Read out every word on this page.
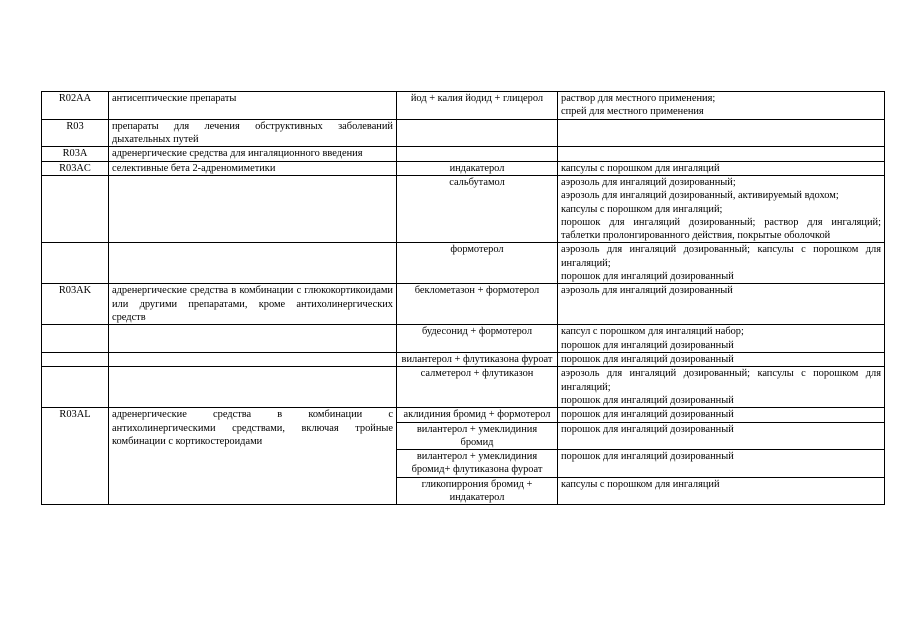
R02AA	антисептические препараты	йод + калия йодид + глицерол	раствор для местного применения;
спрей для местного применения

R03	препараты для лечения обструктивных заболеваний дыхательных путей		
R03A	адренергические средства для ингаляционного введения		
R03AC	селективные бета 2-адреномиметики	индакатерол	капсулы с порошком для ингаляций

		сальбутамол	аэрозоль для ингаляций дозированный;
аэрозоль для ингаляций дозированный, активируемый вдохом;
капсулы с порошком для ингаляций;
порошок для ингаляций дозированный; раствор для ингаляций; таблетки пролонгированного действия, покрытые оболочкой

		формотерол	аэрозоль для ингаляций дозированный; капсулы с порошком для ингаляций;
порошок для ингаляций дозированный

R03AK	адренергические средства в комбинации с глюкокортикоидами или другими препаратами, кроме антихолинергических средств	беклометазон + формотерол	аэрозоль для ингаляций дозированный

		будесонид + формотерол	капсул с порошком для ингаляций набор;
порошок для ингаляций дозированный

		вилантерол + флутиказона фуроат	порошок для ингаляций дозированный

		салметерол + флутиказон	аэрозоль для ингаляций дозированный; капсулы с порошком для ингаляций;
порошок для ингаляций дозированный

R03AL	адренергические средства в комбинации с антихолинергическими средствами, включая тройные комбинации с кортикостероидами	аклидиния бромид + формотерол	порошок для ингаляций дозированный

		вилантерол + умеклидиния бромид	порошок для ингаляций дозированный

		вилантерол + умеклидиния бромид+ флутиказона фуроат	порошок для ингаляций дозированный

		гликопиррония бромид + индакатерол	капсулы с порошком для ингаляций
